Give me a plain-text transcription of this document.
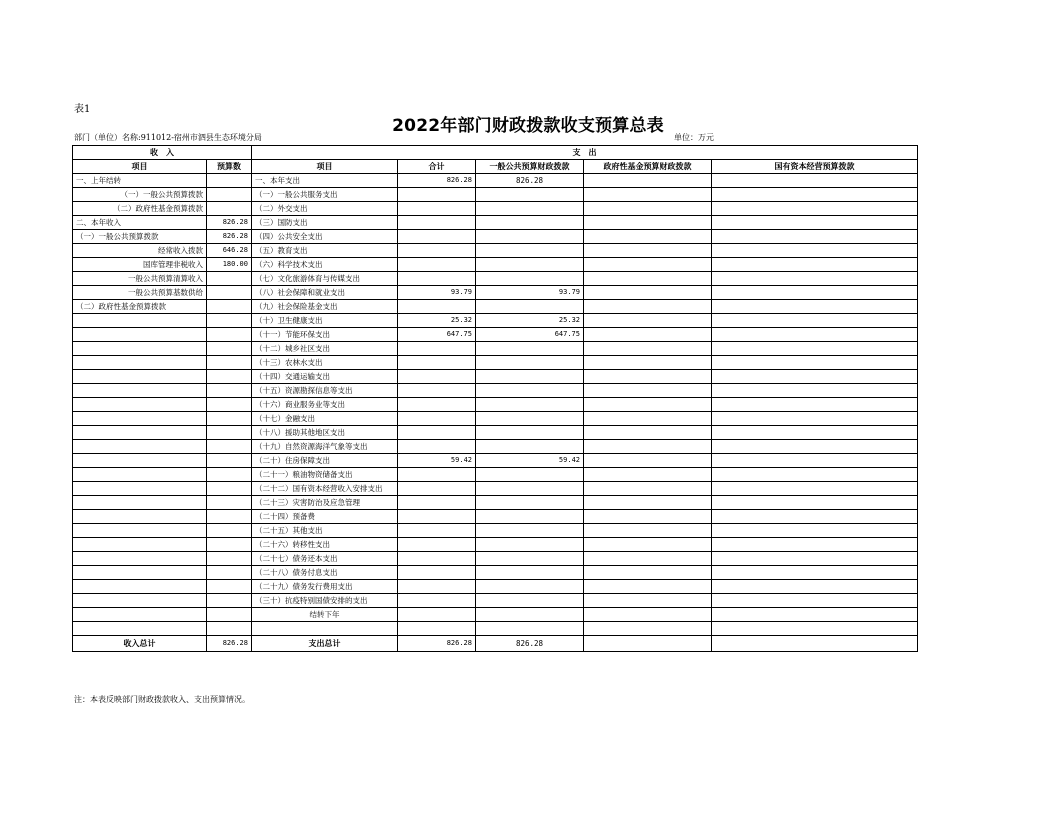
表1
2022年部门财政拨款收支预算总表
部门（单位）名称:911012-宿州市泗县生态环境分局	单位：万元
收　入		支　出				
项目	预算数	项目	合计	一般公共预算财政拨款	政府性基金预算财政拨款	国有资本经营预算拨款
一、上年结转		一、本年支出	826.28	826.28		
（一）一般公共预算拨款		（一）一般公共服务支出				
（二）政府性基金预算拨款		（二）外交支出				
二、本年收入	826.28	（三）国防支出				
（一）一般公共预算拨款	826.28	（四）公共安全支出				
经常收入拨款	646.28	（五）教育支出				
国库管理非税收入	180.00	（六）科学技术支出				
一般公共预算清算收入		（七）文化旅游体育与传媒支出				
一般公共预算基数供给		（八）社会保障和就业支出	93.79	93.79		
（二）政府性基金预算拨款		（九）社会保险基金支出				
		（十）卫生健康支出	25.32	25.32		
		（十一）节能环保支出	647.75	647.75		
		（十二）城乡社区支出				
		（十三）农林水支出				
		（十四）交通运输支出				
		（十五）资源勘探信息等支出				
		（十六）商业服务业等支出				
		（十七）金融支出				
		（十八）援助其他地区支出				
		（十九）自然资源海洋气象等支出				
		（二十）住房保障支出	59.42	59.42		
		（二十一）粮油物资储备支出				
		（二十二）国有资本经营收入安排支出				
		（二十三）灾害防治及应急管理				
		（二十四）预备费				
		（二十五）其他支出				
		（二十六）转移性支出				
		（二十七）债务还本支出				
		（二十八）债务付息支出				
		（二十九）债务发行费用支出				
		（三十）抗疫特别国债安排的支出				
		结转下年				

收入总计	826.28	支出总计	826.28	826.28		
注：本表反映部门财政拨款收入、支出预算情况。
